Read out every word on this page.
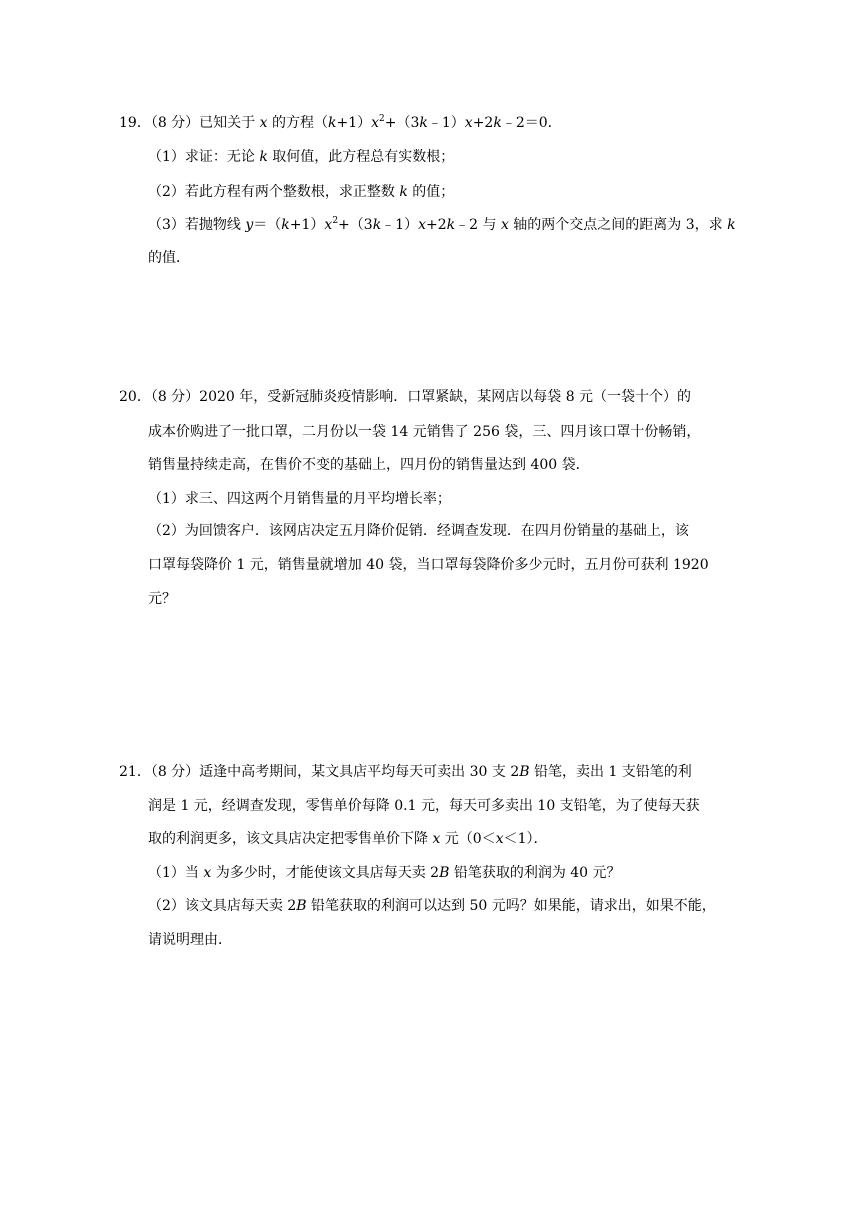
19．（8 分）已知关于 x 的方程$(k+1)x^2+(3k﹣1)x+2k﹣2=0$．
（1）求证：无论 k 取何值，此方程总有实数根；
（2）若此方程有两个整数根，求正整数 k 的值；
（3）若抛物线 $y=(k+1)x^2+(3k﹣1)x+2k﹣2$ 与 x 轴的两个交点之间的距离为 3，求 k
的值．
20．（8 分）2020 年，受新冠肺炎疫情影响．口罩紧缺，某网店以每袋 8 元（一袋十个）的
成本价购进了一批口罩，二月份以一袋 14 元销售了 256 袋，三、四月该口罩十份畅销，
销售量持续走高，在售价不变的基础上，四月份的销售量达到 400 袋．
（1）求三、四这两个月销售量的月平均增长率；
（2）为回馈客户．该网店决定五月降价促销．经调查发现．在四月份销量的基础上，该
口罩每袋降价 1 元，销售量就增加 40 袋，当口罩每袋降价多少元时，五月份可获利 1920
元？
21．（8 分）适逢中高考期间，某文具店平均每天可卖出 30 支 2B 铅笔，卖出 1 支铅笔的利
润是 1 元，经调查发现，零售单价每降 0.1 元，每天可多卖出 10 支铅笔，为了使每天获
取的利润更多，该文具店决定把零售单价下降 x 元（0＜x＜1）．
（1）当 x 为多少时，才能使该文具店每天卖 2B 铅笔获取的利润为 40 元？
（2）该文具店每天卖 2B 铅笔获取的利润可以达到 50 元吗？如果能，请求出，如果不能，
请说明理由．
